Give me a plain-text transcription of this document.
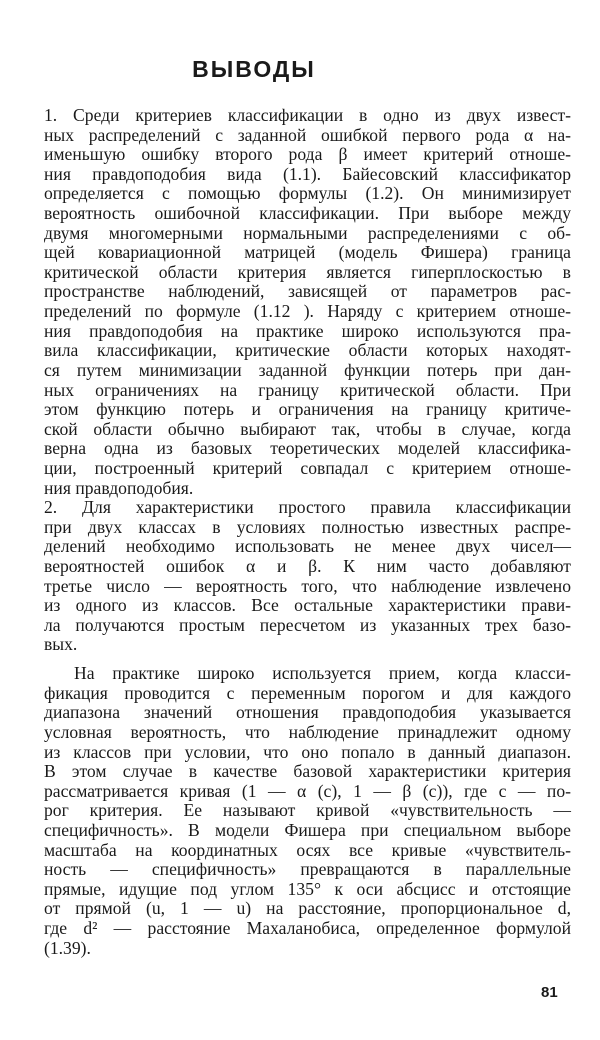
ВЫВОДЫ
1. Среди критериев классификации в одно из двух извест-
ных распределений с заданной ошибкой первого рода α на-
именьшую ошибку второго рода β имеет критерий отноше-
ния правдоподобия вида (1.1). Байесовский классификатор
определяется с помощью формулы (1.2). Он минимизирует
вероятность ошибочной классификации. При выборе между
двумя многомерными нормальными распределениями с об-
щей ковариационной матрицей (модель Фишера) граница
критической области критерия является гиперплоскостью в
пространстве наблюдений, зависящей от параметров рас-
пределений по формуле (1.12 ). Наряду с критерием отноше-
ния правдоподобия на практике широко используются пра-
вила классификации, критические области которых находят-
ся путем минимизации заданной функции потерь при дан-
ных ограничениях на границу критической области. При
этом функцию потерь и ограничения на границу критиче-
ской области обычно выбирают так, чтобы в случае, когда
верна одна из базовых теоретических моделей классифика-
ции, построенный критерий совпадал с критерием отноше-
ния правдоподобия.
2. Для характеристики простого правила классификации
при двух классах в условиях полностью известных распре-
делений необходимо использовать не менее двух чисел—
вероятностей ошибок α и β. К ним часто добавляют
третье число — вероятность того, что наблюдение извлечено
из одного из классов. Все остальные характеристики прави-
ла получаются простым пересчетом из указанных трех базо-
вых.
На практике широко используется прием, когда класси-
фикация проводится с переменным порогом и для каждого
диапазона значений отношения правдоподобия указывается
условная вероятность, что наблюдение принадлежит одному
из классов при условии, что оно попало в данный диапазон.
В этом случае в качестве базовой характеристики критерия
рассматривается кривая (1 — α (с), 1 — β (с)), где с — по-
рог критерия. Ее называют кривой «чувствительность —
специфичность». В модели Фишера при специальном выборе
масштаба на координатных осях все кривые «чувствитель-
ность — специфичность» превращаются в параллельные
прямые, идущие под углом 135° к оси абсцисс и отстоящие
от прямой (u, 1 — u) на расстояние, пропорциональное d,
где d² — расстояние Махаланобиса, определенное формулой
(1.39).
81
